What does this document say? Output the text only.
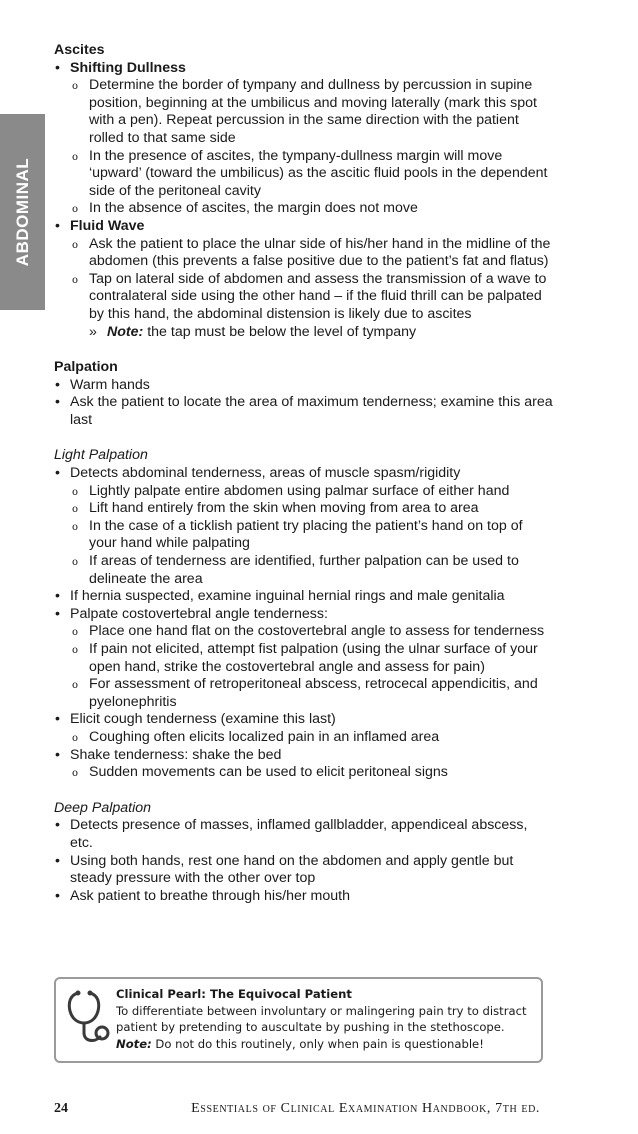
ABDOMINAL

Ascites

• Shifting Dullness
o Determine the border of tympany and dullness by percussion in supine position, beginning at the umbilicus and moving laterally (mark this spot with a pen). Repeat percussion in the same direction with the patient rolled to that same side
o In the presence of ascites, the tympany-dullness margin will move ‘upward’ (toward the umbilicus) as the ascitic fluid pools in the dependent side of the peritoneal cavity
o In the absence of ascites, the margin does not move
• Fluid Wave
o Ask the patient to place the ulnar side of his/her hand in the midline of the abdomen (this prevents a false positive due to the patient’s fat and flatus)
o Tap on lateral side of abdomen and assess the transmission of a wave to contralateral side using the other hand – if the fluid thrill can be palpated by this hand, the abdominal distension is likely due to ascites
» Note: the tap must be below the level of tympany

Palpation

• Warm hands
• Ask the patient to locate the area of maximum tenderness; examine this area last

Light Palpation

• Detects abdominal tenderness, areas of muscle spasm/rigidity
o Lightly palpate entire abdomen using palmar surface of either hand
o Lift hand entirely from the skin when moving from area to area
o In the case of a ticklish patient try placing the patient’s hand on top of your hand while palpating
o If areas of tenderness are identified, further palpation can be used to delineate the area
• If hernia suspected, examine inguinal hernial rings and male genitalia
• Palpate costovertebral angle tenderness:
o Place one hand flat on the costovertebral angle to assess for tenderness
o If pain not elicited, attempt fist palpation (using the ulnar surface of your open hand, strike the costovertebral angle and assess for pain)
o For assessment of retroperitoneal abscess, retrocecal appendicitis, and pyelonephritis
• Elicit cough tenderness (examine this last)
o Coughing often elicits localized pain in an inflamed area
• Shake tenderness: shake the bed
o Sudden movements can be used to elicit peritoneal signs

Deep Palpation

• Detects presence of masses, inflamed gallbladder, appendiceal abscess, etc.
• Using both hands, rest one hand on the abdomen and apply gentle but steady pressure with the other over top
• Ask patient to breathe through his/her mouth
Clinical Pearl: The Equivocal Patient
To differentiate between involuntary or malingering pain try to distract patient by pretending to auscultate by pushing in the stethoscope.
Note: Do not do this routinely, only when pain is questionable!
24	Essentials of Clinical Examination Handbook, 7th ed.
